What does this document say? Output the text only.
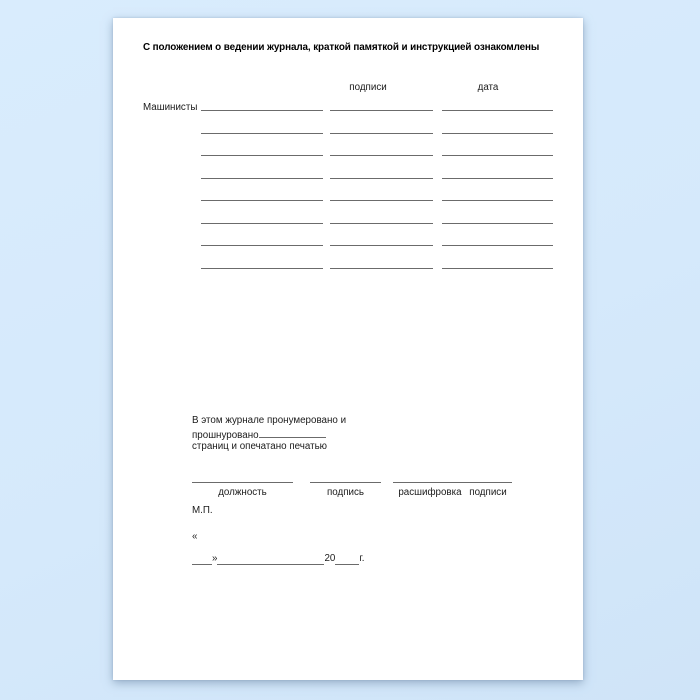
С положением о ведении журнала, краткой памяткой и инструкцией ознакомлены
подписи	дата
Машинисты
В этом журнале пронумеровано и
прошнуровано
страниц и опечатано печатью
должность	подпись	расшифровка подписи
М.П.
«
»	20 г.
